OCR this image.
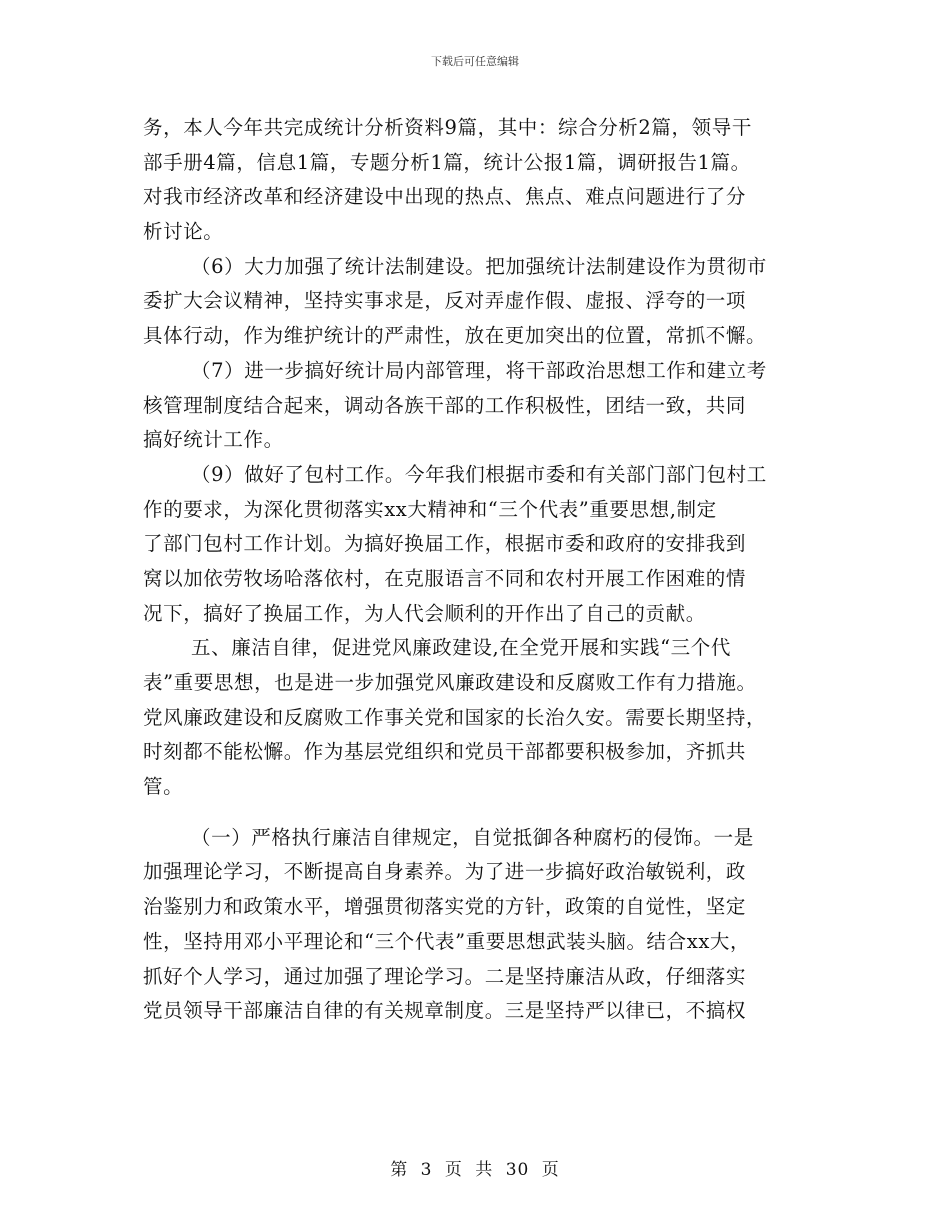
下载后可任意编辑
务，本人今年共完成统计分析资料9篇，其中：综合分析2篇，领导干
部手册4篇，信息1篇，专题分析1篇，统计公报1篇，调研报告1篇。
对我市经济改革和经济建设中出现的热点、焦点、难点问题进行了分
析讨论。
（6）大力加强了统计法制建设。把加强统计法制建设作为贯彻市
委扩大会议精神，坚持实事求是，反对弄虚作假、虚报、浮夸的一项
具体行动，作为维护统计的严肃性，放在更加突出的位置，常抓不懈。
（7）进一步搞好统计局内部管理，将干部政治思想工作和建立考
核管理制度结合起来，调动各族干部的工作积极性，团结一致，共同
搞好统计工作。
（9）做好了包村工作。今年我们根据市委和有关部门部门包村工
作的要求，为深化贯彻落实xx大精神和“三个代表”重要思想,制定
了部门包村工作计划。为搞好换届工作，根据市委和政府的安排我到
窝以加依劳牧场哈落依村，在克服语言不同和农村开展工作困难的情
况下，搞好了换届工作，为人代会顺利的开作出了自己的贡献。
五、廉洁自律，促进党风廉政建设,在全党开展和实践“三个代
表”重要思想，也是进一步加强党风廉政建设和反腐败工作有力措施。
党风廉政建设和反腐败工作事关党和国家的长治久安。需要长期坚持，
时刻都不能松懈。作为基层党组织和党员干部都要积极参加，齐抓共
管。
（一）严格执行廉洁自律规定，自觉抵御各种腐朽的侵饰。一是
加强理论学习，不断提高自身素养。为了进一步搞好政治敏锐利，政
治鉴别力和政策水平，增强贯彻落实党的方针，政策的自觉性，坚定
性，坚持用邓小平理论和“三个代表”重要思想武装头脑。结合xx大，
抓好个人学习，通过加强了理论学习。二是坚持廉洁从政，仔细落实
党员领导干部廉洁自律的有关规章制度。三是坚持严以律已，不搞权
第 3 页 共 30 页
